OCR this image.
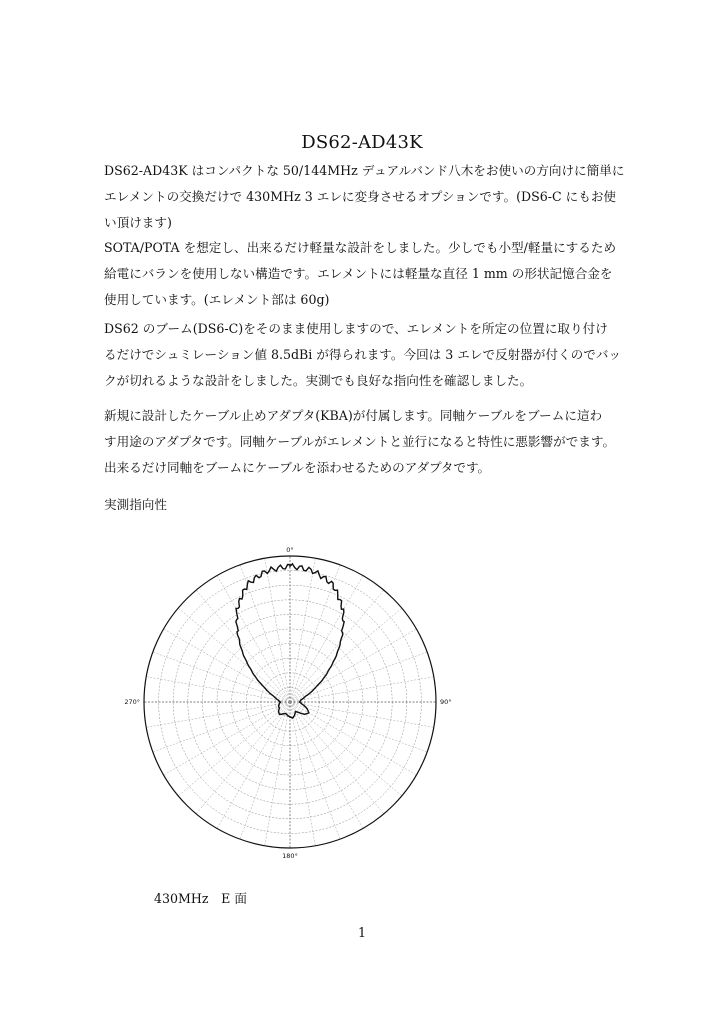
DS62-AD43K
DS62-AD43K はコンパクトな 50/144MHz デュアルバンド八木をお使いの方向けに簡単に
エレメントの交換だけで 430MHz 3 エレに変身させるオプションです。(DS6-C にもお使
い頂けます)
SOTA/POTA を想定し、出来るだけ軽量な設計をしました。少しでも小型/軽量にするため
給電にバランを使用しない構造です。エレメントには軽量な直径 1 mm の形状記憶合金を
使用しています。(エレメント部は 60g)
DS62 のブーム(DS6-C)をそのまま使用しますので、エレメントを所定の位置に取り付け
るだけでシュミレーション値 8.5dBi が得られます。今回は 3 エレで反射器が付くのでバッ
クが切れるような設計をしました。実測でも良好な指向性を確認しました。
新規に設計したケーブル止めアダプタ(KBA)が付属します。同軸ケーブルをブームに這わ
す用途のアダプタです。同軸ケーブルがエレメントと並行になると特性に悪影響がでます。
出来るだけ同軸をブームにケーブルを添わせるためのアダプタです。
実測指向性
0°
90°
180°
270°
430MHz　E 面
1
